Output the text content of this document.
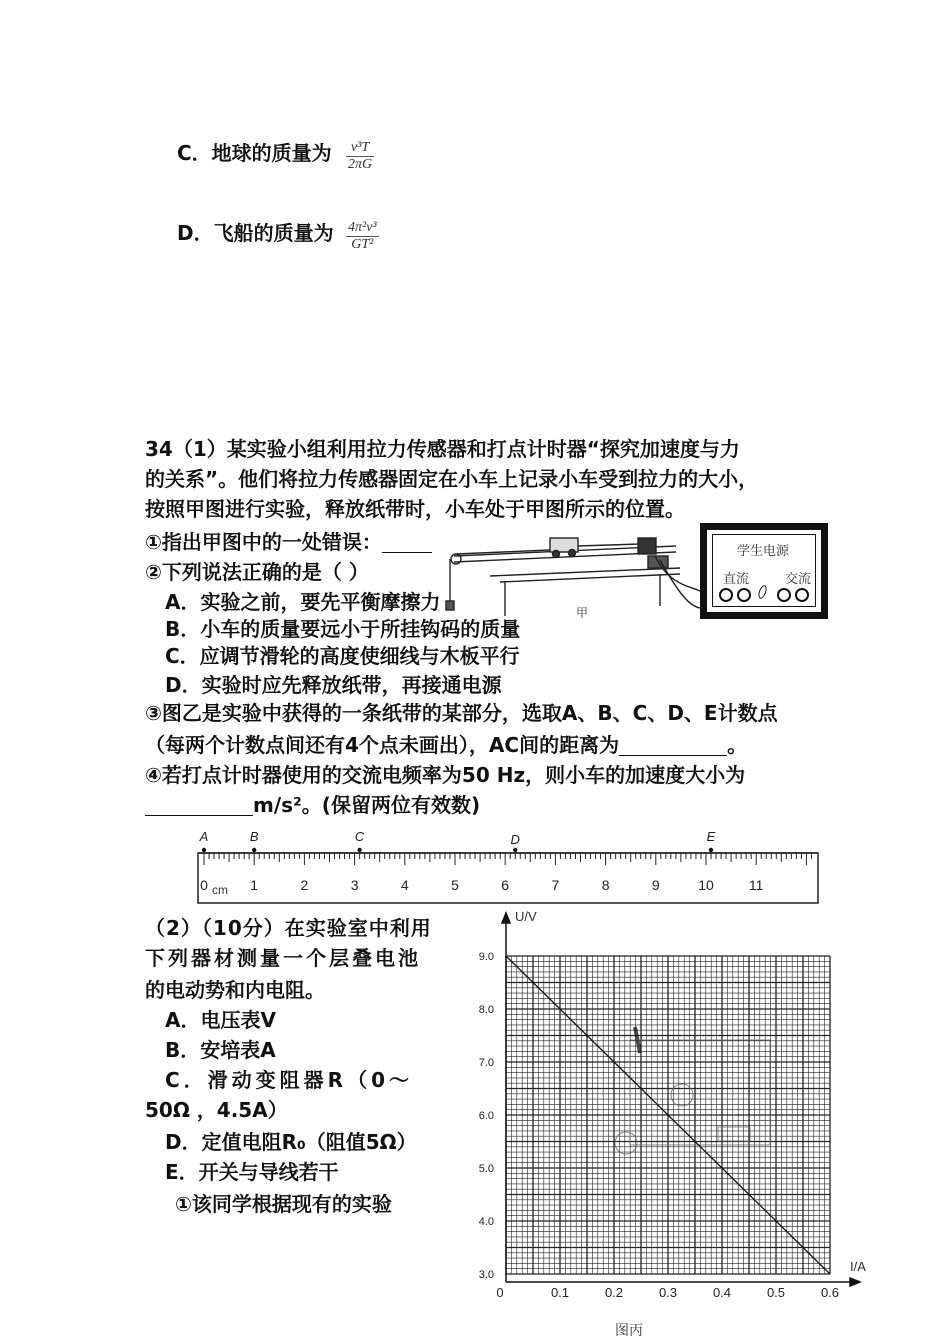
C．地球的质量为 $\frac{\text{v³T}}{2\pi G}$
D．飞船的质量为 $\frac{\text{4π²v³}}{\text{GT²}}$
34（1）某实验小组利用拉力传感器和打点计时器“探究加速度与力
的关系”。他们将拉力传感器固定在小车上记录小车受到拉力的大小，
按照甲图进行实验，释放纸带时，小车处于甲图所示的位置。
①指出甲图中的一处错误：
②下列说法正确的是（ ）
A．实验之前，要先平衡摩擦力
B．小车的质量要远小于所挂钩码的质量
C．应调节滑轮的高度使细线与木板平行
D．实验时应先释放纸带，再接通电源
甲
学生电源
直流	交流
③图乙是实验中获得的一条纸带的某部分，选取A、B、C、D、E计数点
（每两个计数点间还有4个点未画出），AC间的距离为	。
④若打点计时器使用的交流电频率为50 Hz，则小车的加速度大小为
m/s²。(保留两位有效数)
0	1	2	3	4	5	6	7	8	9	10	11
A	B	C	D	E
cm
（2）（10分）在实验室中利用
下列器材测量一个层叠电池
的电动势和内电阻。
A．电压表V
B．安培表A
C．滑动变阻器R（0～
50Ω ，4.5A）
D．定值电阻R₀（阻值5Ω）
E．开关与导线若干
①该同学根据现有的实验
0	0.1	0.2	0.3	0.4	0.5	0.6
3.0
4.0
5.0
6.0
7.0
8.0
9.0
U/V
I/A
图丙
